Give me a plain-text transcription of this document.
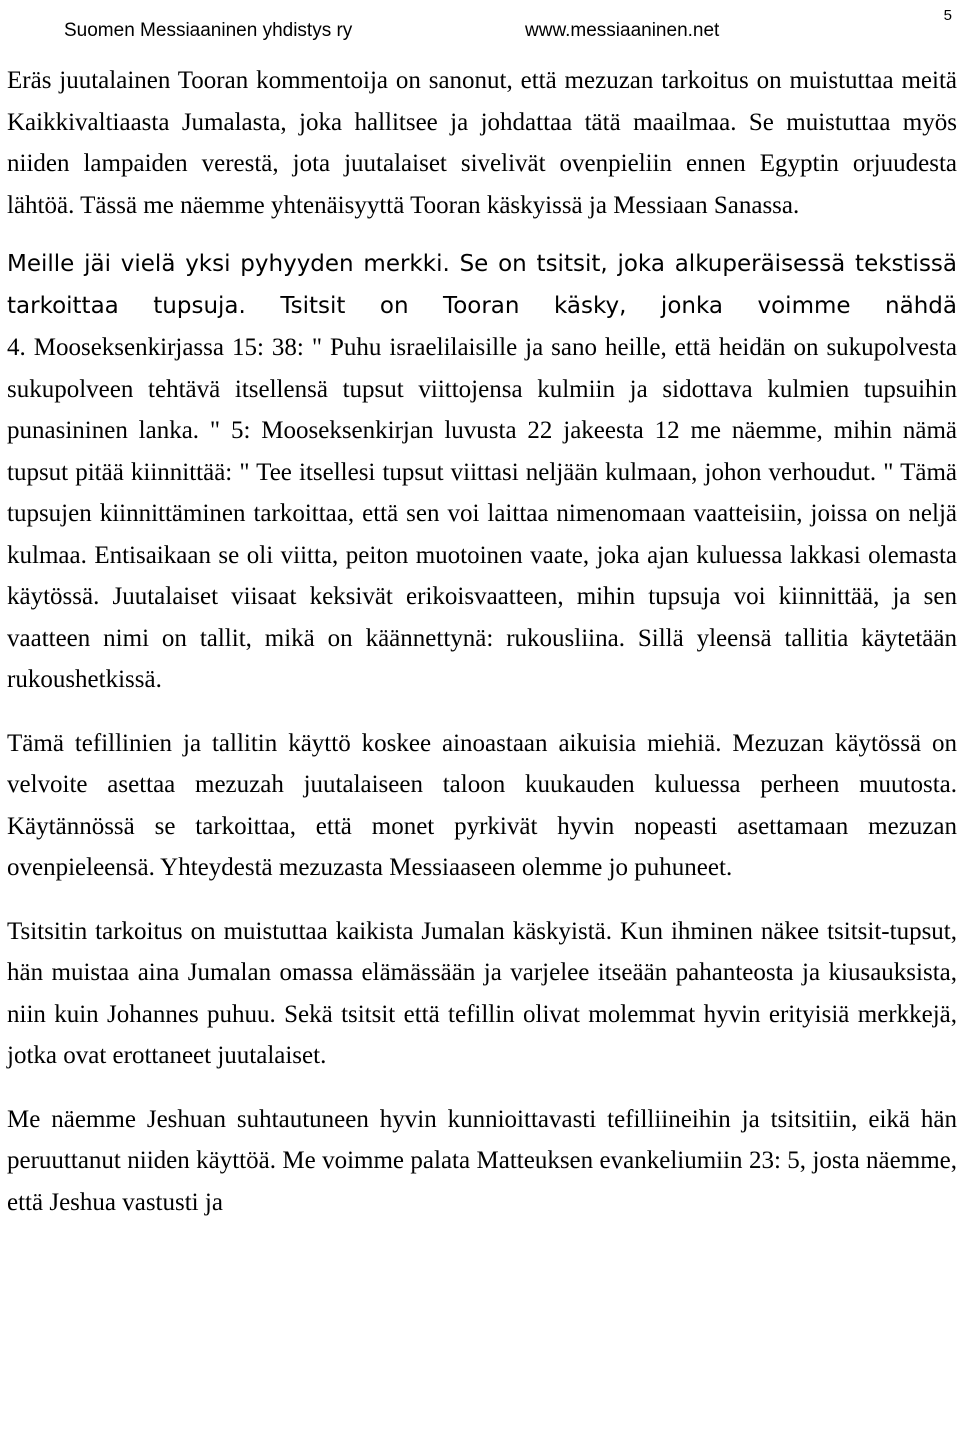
Suomen Messiaaninen yhdistys ry	www.messiaaninen.net
5

Eräs juutalainen Tooran kommentoija on sanonut, että mezuzan tarkoitus on muistuttaa meitä Kaikkivaltiaasta Jumalasta, joka hallitsee ja johdattaa tätä maailmaa. Se muistuttaa myös niiden lampaiden verestä, jota juutalaiset sivelivät ovenpieliin ennen Egyptin orjuudesta lähtöä. Tässä me näemme yhtenäisyyttä Tooran käskyissä ja Messiaan Sanassa.

Meille jäi vielä yksi pyhyyden merkki. Se on tsitsit, joka alkuperäisessä tekstissä tarkoittaa tupsuja. Tsitsit on Tooran käsky, jonka voimme nähdä

4. Mooseksenkirjassa 15: 38: " Puhu israelilaisille ja sano heille, että heidän on sukupolvesta sukupolveen tehtävä itsellensä tupsut viittojensa kulmiin ja sidottava kulmien tupsuihin punasininen lanka. " 5: Mooseksenkirjan luvusta 22 jakeesta 12 me näemme, mihin nämä tupsut pitää kiinnittää: " Tee itsellesi tupsut viittasi neljään kulmaan, johon verhoudut. " Tämä tupsujen kiinnittäminen tarkoittaa, että sen voi laittaa nimenomaan vaatteisiin, joissa on neljä kulmaa. Entisaikaan se oli viitta, peiton muotoinen vaate, joka ajan kuluessa lakkasi olemasta käytössä. Juutalaiset viisaat keksivät erikoisvaatteen, mihin tupsuja voi kiinnittää, ja sen vaatteen nimi on tallit, mikä on käännettynä: rukousliina. Sillä yleensä tallitia käytetään rukoushetkissä.

Tämä tefillinien ja tallitin käyttö koskee ainoastaan aikuisia miehiä. Mezuzan käytössä on velvoite asettaa mezuzah juutalaiseen taloon kuukauden kuluessa perheen muutosta. Käytännössä se tarkoittaa, että monet pyrkivät hyvin nopeasti asettamaan mezuzan ovenpieleensä. Yhteydestä mezuzasta Messiaaseen olemme jo puhuneet.

Tsitsitin tarkoitus on muistuttaa kaikista Jumalan käskyistä. Kun ihminen näkee tsitsit-tupsut, hän muistaa aina Jumalan omassa elämässään ja varjelee itseään pahanteosta ja kiusauksista, niin kuin Johannes puhuu. Sekä tsitsit että tefillin olivat molemmat hyvin erityisiä merkkejä, jotka ovat erottaneet juutalaiset.

Me näemme Jeshuan suhtautuneen hyvin kunnioittavasti tefilliineihin ja tsitsitiin, eikä hän peruuttanut niiden käyttöä. Me voimme palata Matteuksen evankeliumiin 23: 5, josta näemme, että Jeshua vastusti ja
